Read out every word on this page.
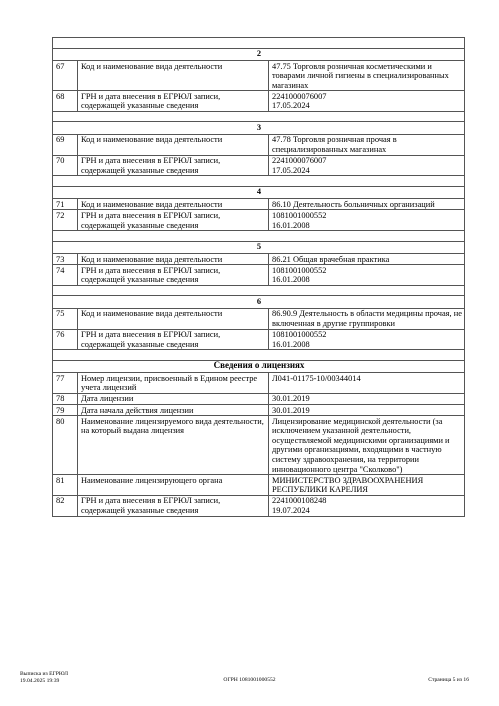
2		
67	Код и наименование вида деятельности	47.75 Торговля розничная косметическими и товарами личной гигиены в специализированных магазинах
68	ГРН и дата внесения в ЕГРЮЛ записи, содержащей указанные сведения	2241000076007
17.05.2024

3		
69	Код и наименование вида деятельности	47.78 Торговля розничная прочая в специализированных магазинах
70	ГРН и дата внесения в ЕГРЮЛ записи, содержащей указанные сведения	2241000076007
17.05.2024

4		
71	Код и наименование вида деятельности	86.10 Деятельность больничных организаций
72	ГРН и дата внесения в ЕГРЮЛ записи, содержащей указанные сведения	1081001000552
16.01.2008

5		
73	Код и наименование вида деятельности	86.21 Общая врачебная практика
74	ГРН и дата внесения в ЕГРЮЛ записи, содержащей указанные сведения	1081001000552
16.01.2008

6		
75	Код и наименование вида деятельности	86.90.9 Деятельность в области медицины прочая, не включенная в другие группировки
76	ГРН и дата внесения в ЕГРЮЛ записи, содержащей указанные сведения	1081001000552
16.01.2008

Сведения о лицензиях		
77	Номер лицензии, присвоенный в Едином реестре учета лицензий	Л041-01175-10/00344014
78	Дата лицензии	30.01.2019
79	Дата начала действия лицензии	30.01.2019
80	Наименование лицензируемого вида деятельности, на который выдана лицензия	Лицензирование медицинской деятельности (за исключением указанной деятельности, осуществляемой медицинскими организациями и другими организациями, входящими в частную систему здравоохранения, на территории инновационного центра "Сколково")
81	Наименование лицензирующего органа	МИНИСТЕРСТВО ЗДРАВООХРАНЕНИЯ РЕСПУБЛИКИ КАРЕЛИЯ
82	ГРН и дата внесения в ЕГРЮЛ записи, содержащей указанные сведения	2241000108248
19.07.2024
Выписка из ЕГРЮЛ
19.04.2025 19:39	ОГРН 1081001000552	Страница 5 из 16
